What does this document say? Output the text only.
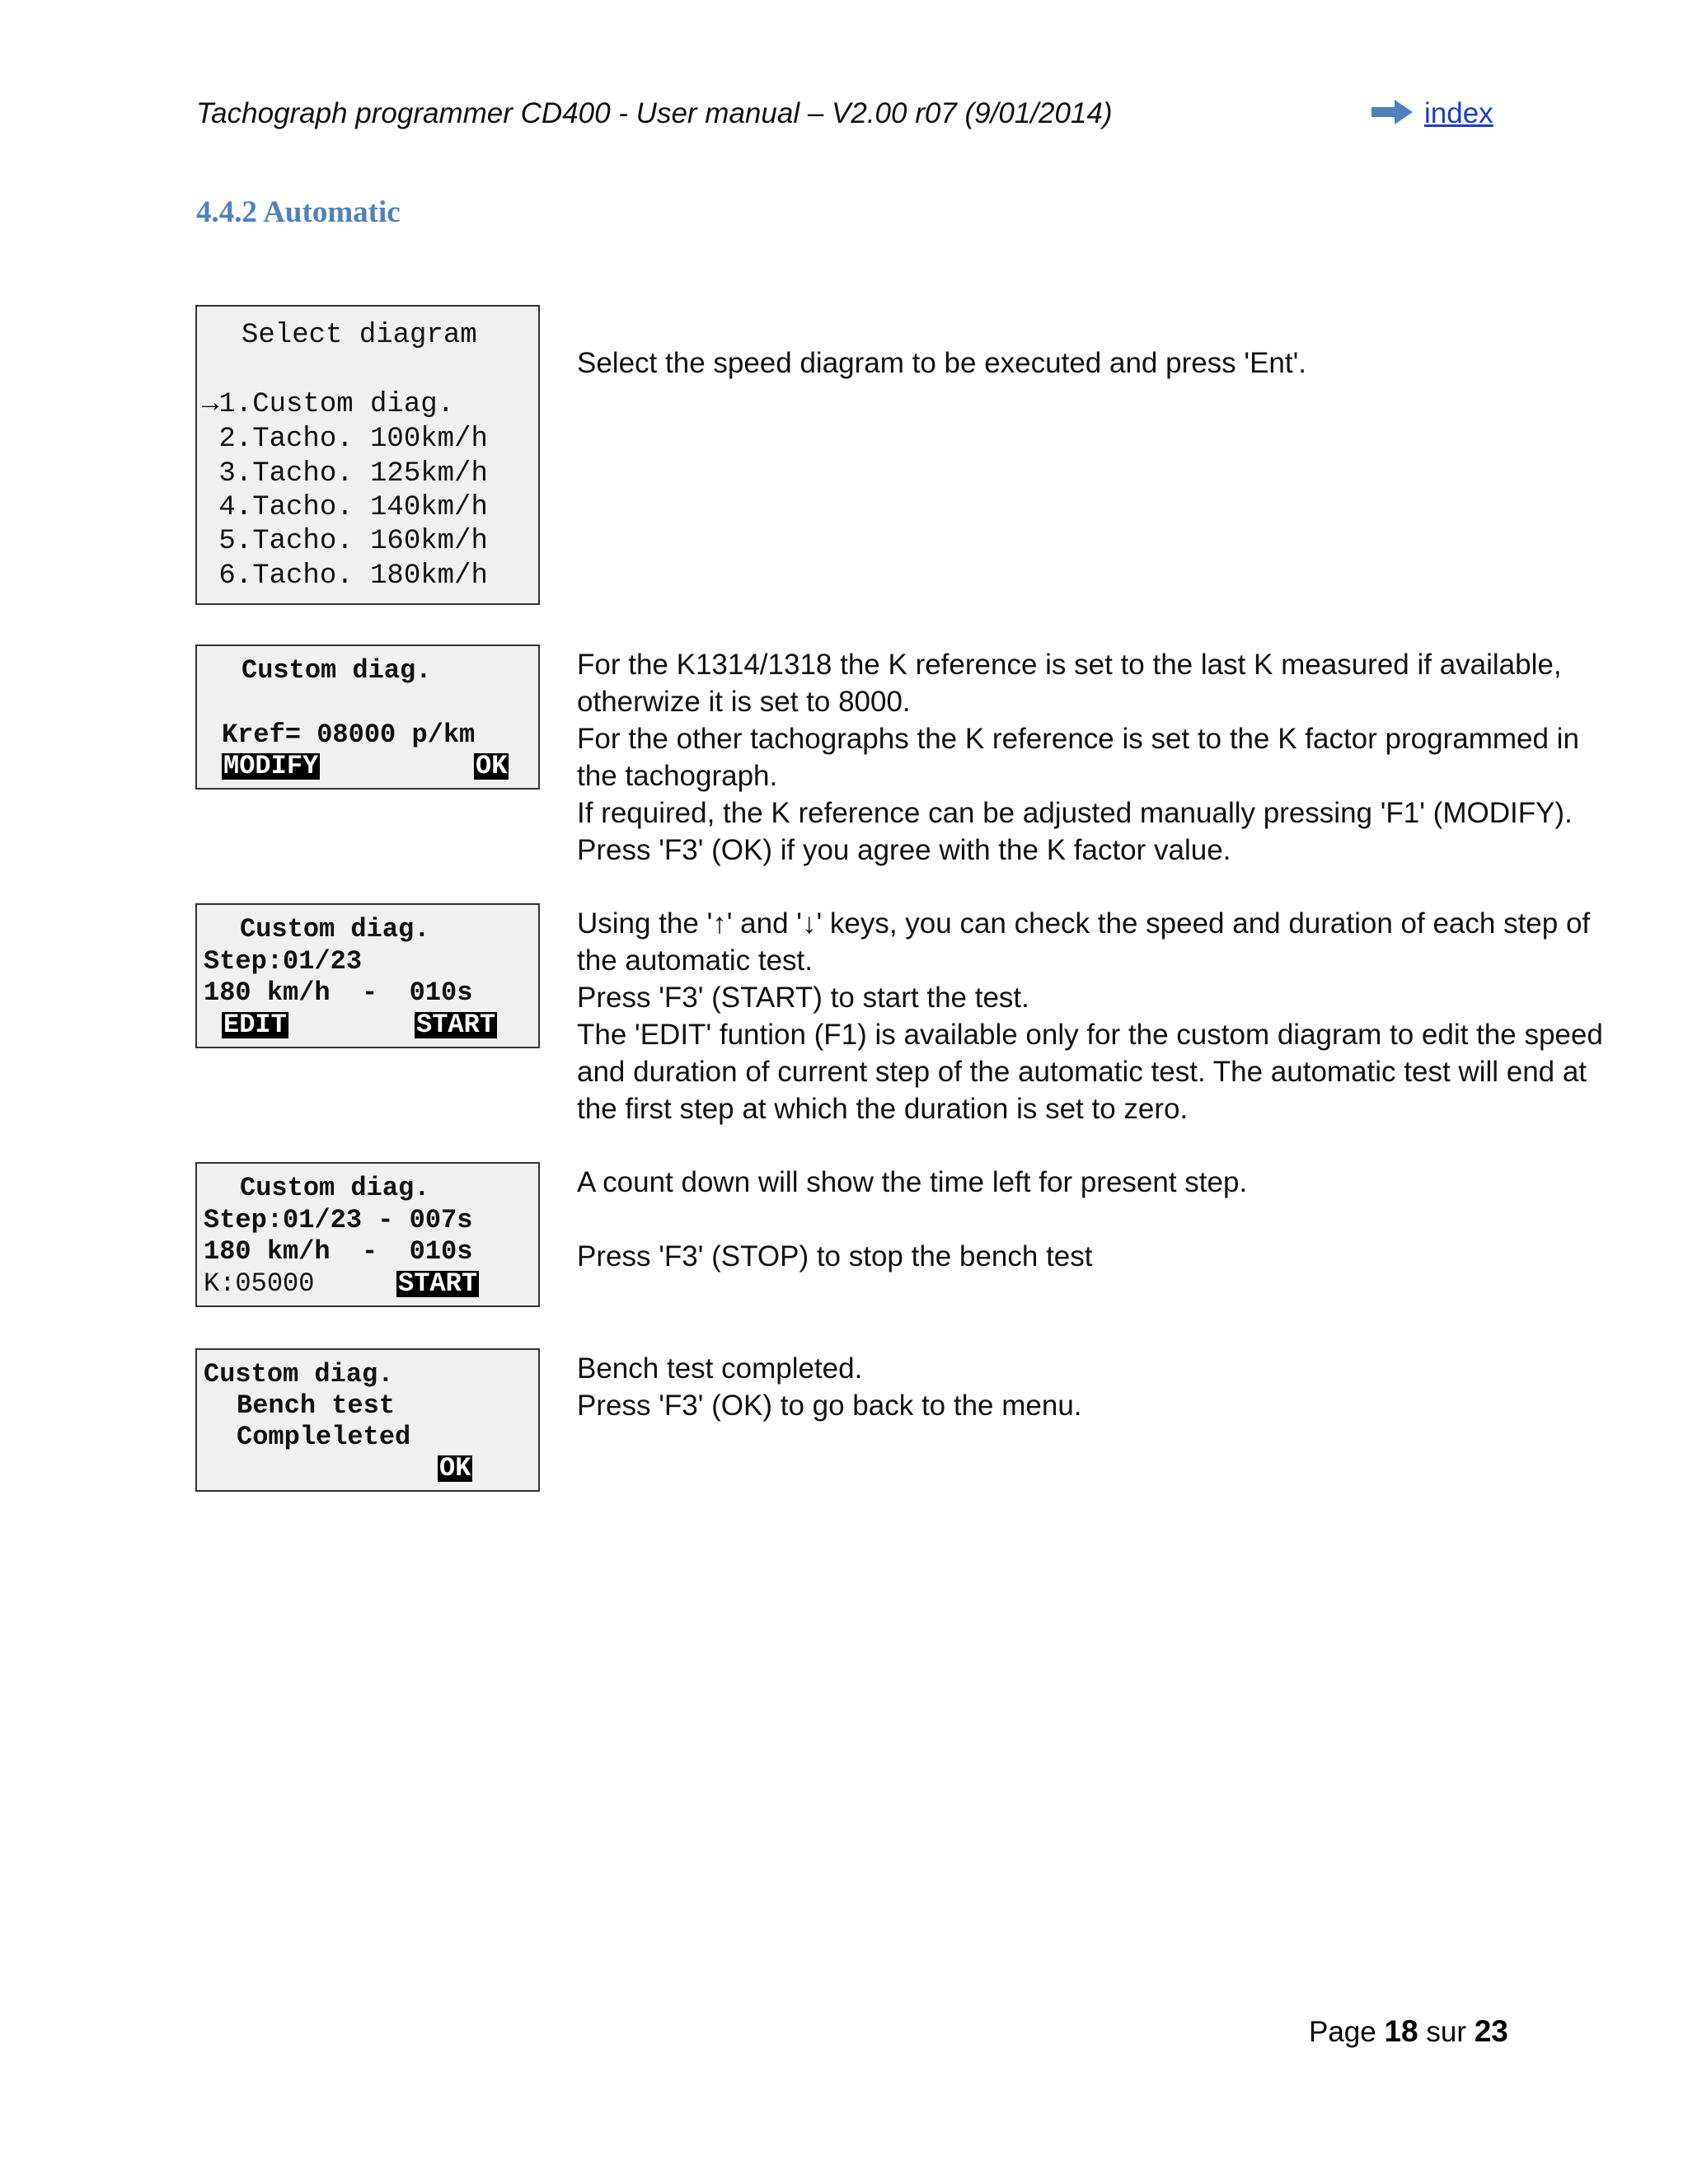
Tachograph programmer CD400 - User manual – V2.00 r07 (9/01/2014)	index
4.4.2 Automatic
Select diagram
→1.Custom diag.
2.Tacho. 100km/h
3.Tacho. 125km/h
4.Tacho. 140km/h
5.Tacho. 160km/h
6.Tacho. 180km/h

Select the speed diagram to be executed and press 'Ent'.

Custom diag.
Kref= 08000 p/km
MODIFY	OK

For the K1314/1318 the K reference is set to the last K measured if available,

otherwize it is set to 8000.

For the other tachographs the K reference is set to the K factor programmed in

the tachograph.

If required, the K reference can be adjusted manually pressing 'F1' (MODIFY).

Press 'F3' (OK) if you agree with the K factor value.

Custom diag.
Step:01/23
180 km/h  -  010s
EDIT	START

Using the '↑' and '↓' keys, you can check the speed and duration of each step of

the automatic test.

Press 'F3' (START) to start the test.

The 'EDIT' funtion (F1) is available only for the custom diagram to edit the speed

and duration of current step of the automatic test. The automatic test will end at

the first step at which the duration is set to zero.

Custom diag.
Step:01/23 - 007s
180 km/h  -  010s
K:05000	START

A count down will show the time left for present step.

Press 'F3' (STOP) to stop the bench test

Custom diag.
Bench test
Compleleted
OK

Bench test completed.

Press 'F3' (OK) to go back to the menu.

Page 18 sur 23
